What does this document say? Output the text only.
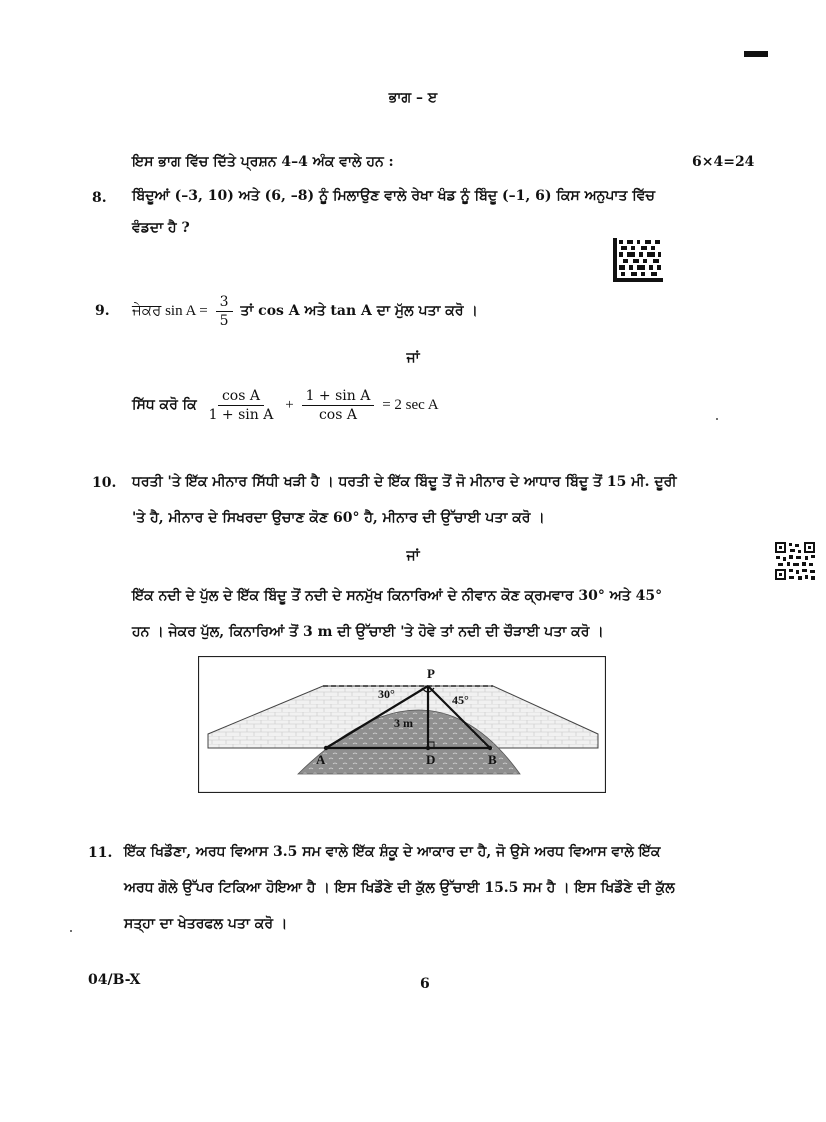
ਭਾਗ – ੲ
ਇਸ ਭਾਗ ਵਿੱਚ ਦਿੱਤੇ ਪ੍ਰਸ਼ਨ 4–4 ਅੰਕ ਵਾਲੇ ਹਨ :	6×4=24
8. ਬਿੰਦੂਆਂ (–3, 10) ਅਤੇ (6, –8) ਨੂੰ ਮਿਲਾਉਣ ਵਾਲੇ ਰੇਖਾ ਖੰਡ ਨੂੰ ਬਿੰਦੂ (–1, 6) ਕਿਸ ਅਨੁਪਾਤ ਵਿੱਚ
ਵੰਡਦਾ ਹੈ ?
9. ਜੇਕਰ $\sin A = \frac{3}{5}$ ਤਾਂ cos A ਅਤੇ tan A ਦਾ ਮੁੱਲ ਪਤਾ ਕਰੋ ।
ਜਾਂ
ਸਿੱਧ ਕਰੋ ਕਿ $\frac{\text{cos A}}{\text{1 + sin A}} + \frac{\text{1 + sin A}}{\text{cos A}} = 2$ sec A
10. ਧਰਤੀ 'ਤੇ ਇੱਕ ਮੀਨਾਰ ਸਿੱਧੀ ਖੜੀ ਹੈ । ਧਰਤੀ ਦੇ ਇੱਕ ਬਿੰਦੂ ਤੋਂ ਜੋ ਮੀਨਾਰ ਦੇ ਆਧਾਰ ਬਿੰਦੂ ਤੋਂ 15 ਮੀ. ਦੂਰੀ
'ਤੇ ਹੈ, ਮੀਨਾਰ ਦੇ ਸਿਖਰਦਾ ਉਚਾਣ ਕੋਣ 60° ਹੈ, ਮੀਨਾਰ ਦੀ ਉੱਚਾਈ ਪਤਾ ਕਰੋ ।
ਜਾਂ
ਇੱਕ ਨਦੀ ਦੇ ਪੁੱਲ ਦੇ ਇੱਕ ਬਿੰਦੂ ਤੋਂ ਨਦੀ ਦੇ ਸਨਮੁੱਖ ਕਿਨਾਰਿਆਂ ਦੇ ਨੀਵਾਨ ਕੋਣ ਕ੍ਰਮਵਾਰ 30° ਅਤੇ 45°
ਹਨ । ਜੇਕਰ ਪੁੱਲ, ਕਿਨਾਰਿਆਂ ਤੋਂ 3 m ਦੀ ਉੱਚਾਈ 'ਤੇ ਹੋਵੇ ਤਾਂ ਨਦੀ ਦੀ ਚੌੜਾਈ ਪਤਾ ਕਰੋ ।
P
30°	45°
3 m
A	D	B
11. ਇੱਕ ਖਿਡੌਣਾ, ਅਰਧ ਵਿਆਸ 3.5 ਸਮ ਵਾਲੇ ਇੱਕ ਸ਼ੰਕੂ ਦੇ ਆਕਾਰ ਦਾ ਹੈ, ਜੋ ਉਸੇ ਅਰਧ ਵਿਆਸ ਵਾਲੇ ਇੱਕ
ਅਰਧ ਗੋਲੇ ਉੱਪਰ ਟਿਕਿਆ ਹੋਇਆ ਹੈ । ਇਸ ਖਿਡੌਣੇ ਦੀ ਕੁੱਲ ਉੱਚਾਈ 15.5 ਸਮ ਹੈ । ਇਸ ਖਿਡੌਣੇ ਦੀ ਕੁੱਲ
ਸਤ੍ਹਾ ਦਾ ਖੇਤਰਫਲ ਪਤਾ ਕਰੋ ।
04/B-X	6
